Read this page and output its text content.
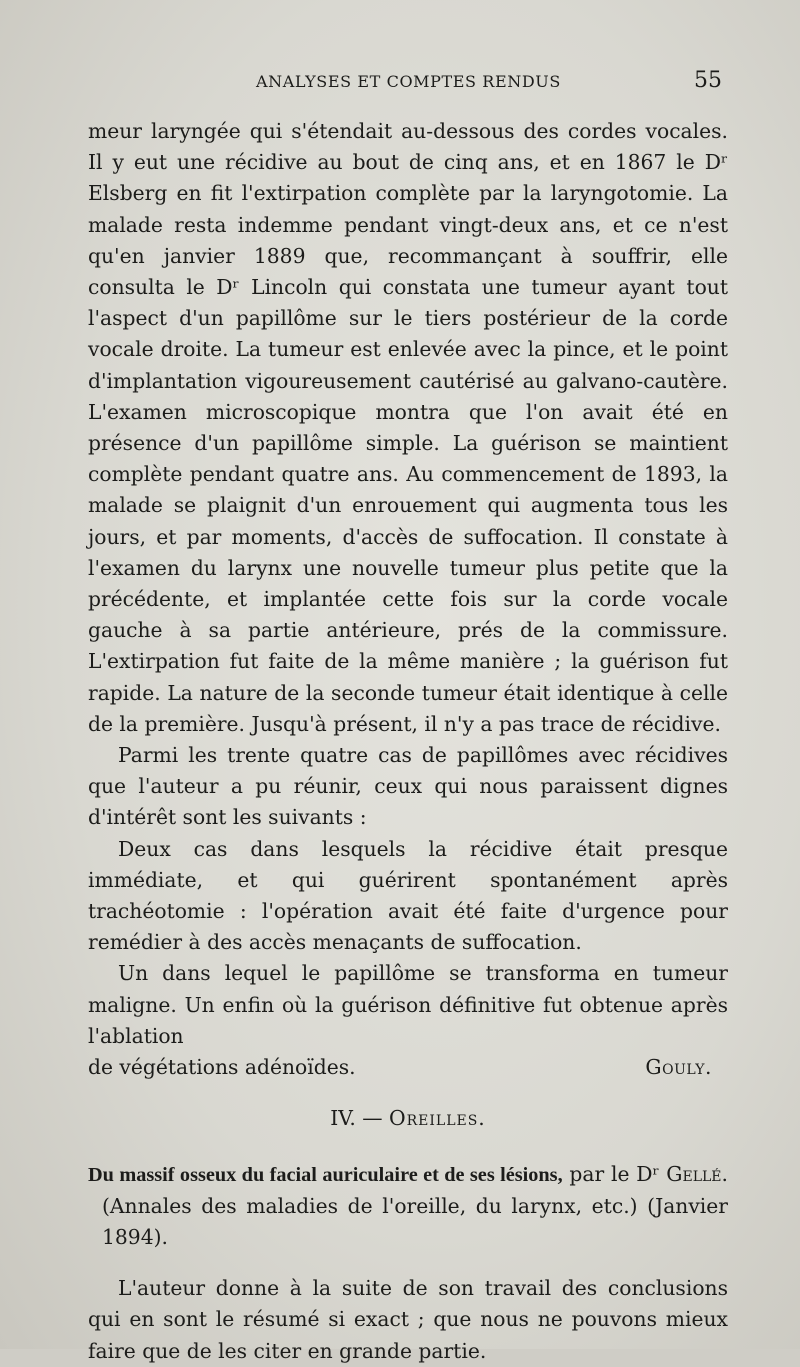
ANALYSES ET COMPTES RENDUS	55

meur laryngée qui s'étendait au-dessous des cordes vocales. Il y eut une récidive au bout de cinq ans, et en 1867 le Dʳ Elsberg en fit l'extirpation complète par la laryngotomie. La malade resta indemme pendant vingt-deux ans, et ce n'est qu'en janvier 1889 que, recommançant à souffrir, elle consulta le Dʳ Lincoln qui constata une tumeur ayant tout l'aspect d'un papillôme sur le tiers postérieur de la corde vocale droite. La tumeur est enlevée avec la pince, et le point d'implantation vigoureusement cautérisé au galvano-cautère. L'examen microscopique montra que l'on avait été en présence d'un papillôme simple. La guérison se maintient complète pendant quatre ans. Au commencement de 1893, la malade se plaignit d'un enrouement qui augmenta tous les jours, et par moments, d'accès de suffocation. Il constate à l'examen du larynx une nouvelle tumeur plus petite que la précédente, et implantée cette fois sur la corde vocale gauche à sa partie antérieure, prés de la commissure. L'extirpation fut faite de la même manière ; la guérison fut rapide. La nature de la seconde tumeur était identique à celle de la première. Jusqu'à présent, il n'y a pas trace de récidive.

Parmi les trente quatre cas de papillômes avec récidives que l'auteur a pu réunir, ceux qui nous paraissent dignes d'intérêt sont les suivants :

Deux cas dans lesquels la récidive était presque immédiate, et qui guérirent spontanément après trachéotomie : l'opération avait été faite d'urgence pour remédier à des accès menaçants de suffocation.

Un dans lequel le papillôme se transforma en tumeur maligne. Un enfin où la guérison définitive fut obtenue après l'ablation

de végétations adénoïdes.	Gouly.
IV. — Oreilles.

Du massif osseux du facial auriculaire et de ses lésions, par le Dʳ Gellé. (Annales des maladies de l'oreille, du larynx, etc.) (Janvier 1894).

L'auteur donne à la suite de son travail des conclusions qui en sont le résumé si exact ; que nous ne pouvons mieux faire que de les citer en grande partie.
